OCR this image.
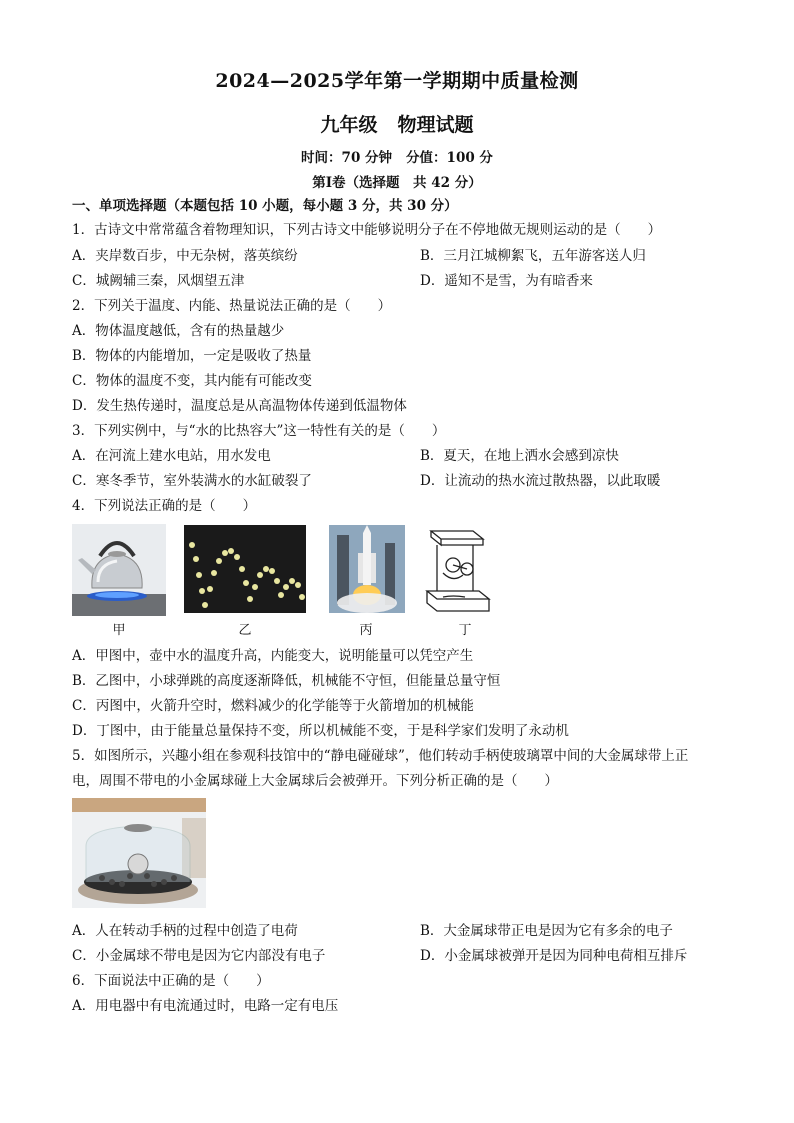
2024—2025学年第一学期期中质量检测
九年级 物理试题
时间：70 分钟 分值：100 分
第Ⅰ卷（选择题　共 42 分）
一、单项选择题（本题包括 10 小题，每小题 3 分，共 30 分）
1．古诗文中常常蕴含着物理知识，下列古诗文中能够说明分子在不停地做无规则运动的是（　　）
A．夹岸数百步，中无杂树，落英缤纷	B．三月江城柳絮飞，五年游客送人归
C．城阙辅三秦，风烟望五津	D．遥知不是雪，为有暗香来
2．下列关于温度、内能、热量说法正确的是（　　）
A．物体温度越低，含有的热量越少
B．物体的内能增加，一定是吸收了热量
C．物体的温度不变，其内能有可能改变
D．发生热传递时，温度总是从高温物体传递到低温物体
3．下列实例中，与“水的比热容大”这一特性有关的是（　　）
A．在河流上建水电站，用水发电	B．夏天，在地上洒水会感到凉快
C．寒冬季节，室外装满水的水缸破裂了	D．让流动的热水流过散热器，以此取暖
4．下列说法正确的是（　　）
甲	乙	丙	丁
A．甲图中，壶中水的温度升高，内能变大，说明能量可以凭空产生
B．乙图中，小球弹跳的高度逐渐降低，机械能不守恒，但能量总量守恒
C．丙图中，火箭升空时，燃料减少的化学能等于火箭增加的机械能
D．丁图中，由于能量总量保持不变，所以机械能不变，于是科学家们发明了永动机
5．如图所示，兴趣小组在参观科技馆中的“静电碰碰球”，他们转动手柄使玻璃罩中间的大金属球带上正
电，周围不带电的小金属球碰上大金属球后会被弹开。下列分析正确的是（　　）
A．人在转动手柄的过程中创造了电荷	B．大金属球带正电是因为它有多余的电子
C．小金属球不带电是因为它内部没有电子	D．小金属球被弹开是因为同种电荷相互排斥
6．下面说法中正确的是（　　）
A．用电器中有电流通过时，电路一定有电压
